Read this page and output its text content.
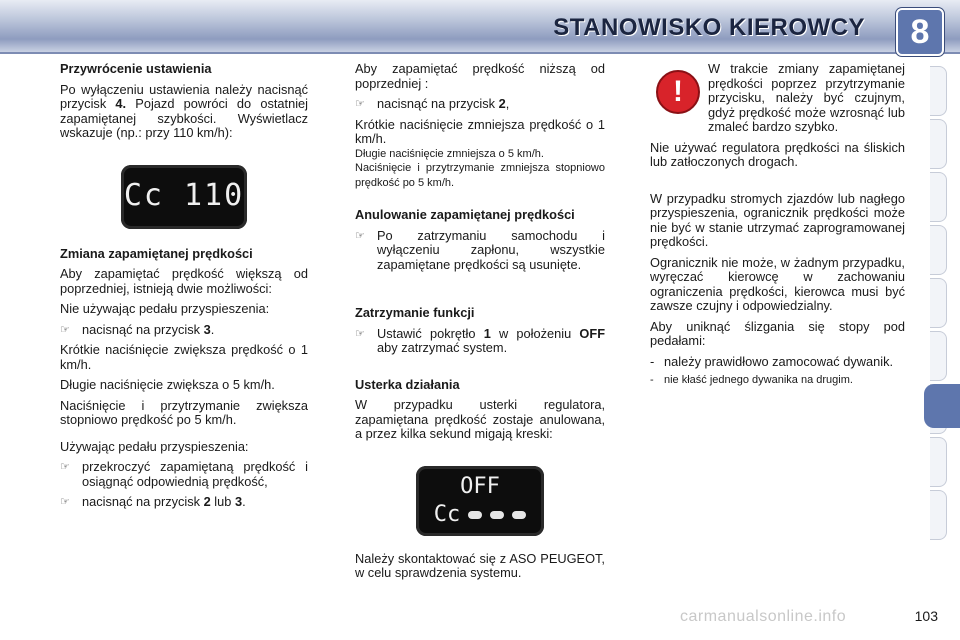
STANOWISKO KIEROWCY	8
Przywrócenie ustawienia

Po wyłączeniu ustawienia należy nacisnąć przycisk 4. Pojazd powróci do ostatniej zapamiętanej szybkości. Wyświetlacz wskazuje (np.: przy 110 km/h):

Cc 110
Zmiana zapamiętanej prędkości

Aby zapamiętać prędkość większą od poprzedniej, istnieją dwie możliwości:

Nie używając pedału przyspieszenia:

☞ nacisnąć na przycisk 3.

Krótkie naciśnięcie zwiększa prędkość o 1 km/h.

Długie naciśnięcie zwiększa o 5 km/h.

Naciśnięcie i przytrzymanie zwiększa stopniowo prędkość po 5 km/h.

Używając pedału przyspieszenia:

☞ przekroczyć zapamiętaną prędkość i osiągnąć odpowiednią prędkość,
☞ nacisnąć na przycisk 2 lub 3.

Aby zapamiętać prędkość niższą od poprzedniej :

☞ nacisnąć na przycisk 2,

Krótkie naciśnięcie zmniejsza prędkość o 1 km/h.

Długie naciśnięcie zmniejsza o 5 km/h.

Naciśnięcie i przytrzymanie zmniejsza stopniowo prędkość po 5 km/h.

Anulowanie zapamiętanej prędkości
☞ Po zatrzymaniu samochodu i wyłączeniu zapłonu, wszystkie zapamiętane prędkości są usunięte.
Zatrzymanie funkcji
☞ Ustawić pokrętło 1 w położeniu OFF aby zatrzymać system.
Usterka działania

W przypadku usterki regulatora, zapamiętana prędkość zostaje anulowana, a przez kilka sekund migają kreski:

OFF
Cc

Należy skontaktować się z ASO PEUGEOT, w celu sprawdzenia systemu.

!

W trakcie zmiany zapamiętanej prędkości poprzez przytrzymanie przycisku, należy być czujnym, gdyż prędkość może wzrosnąć lub zmaleć bardzo szybko.

Nie używać regulatora prędkości na śliskich lub zatłoczonych drogach.

W przypadku stromych zjazdów lub nagłego przyspieszenia, ogranicznik prędkości może nie być w stanie utrzymać zaprogramowanej prędkości.

Ogranicznik nie może, w żadnym przypadku, wyręczać kierowcę w zachowaniu ograniczenia prędkości, kierowca musi być zawsze czujny i odpowiedzialny.

Aby uniknąć ślizgania się stopy pod pedałami:

- należy prawidłowo zamocować dywanik.
- nie kłaść jednego dywanika na drugim.
carmanualsonline.info	103
